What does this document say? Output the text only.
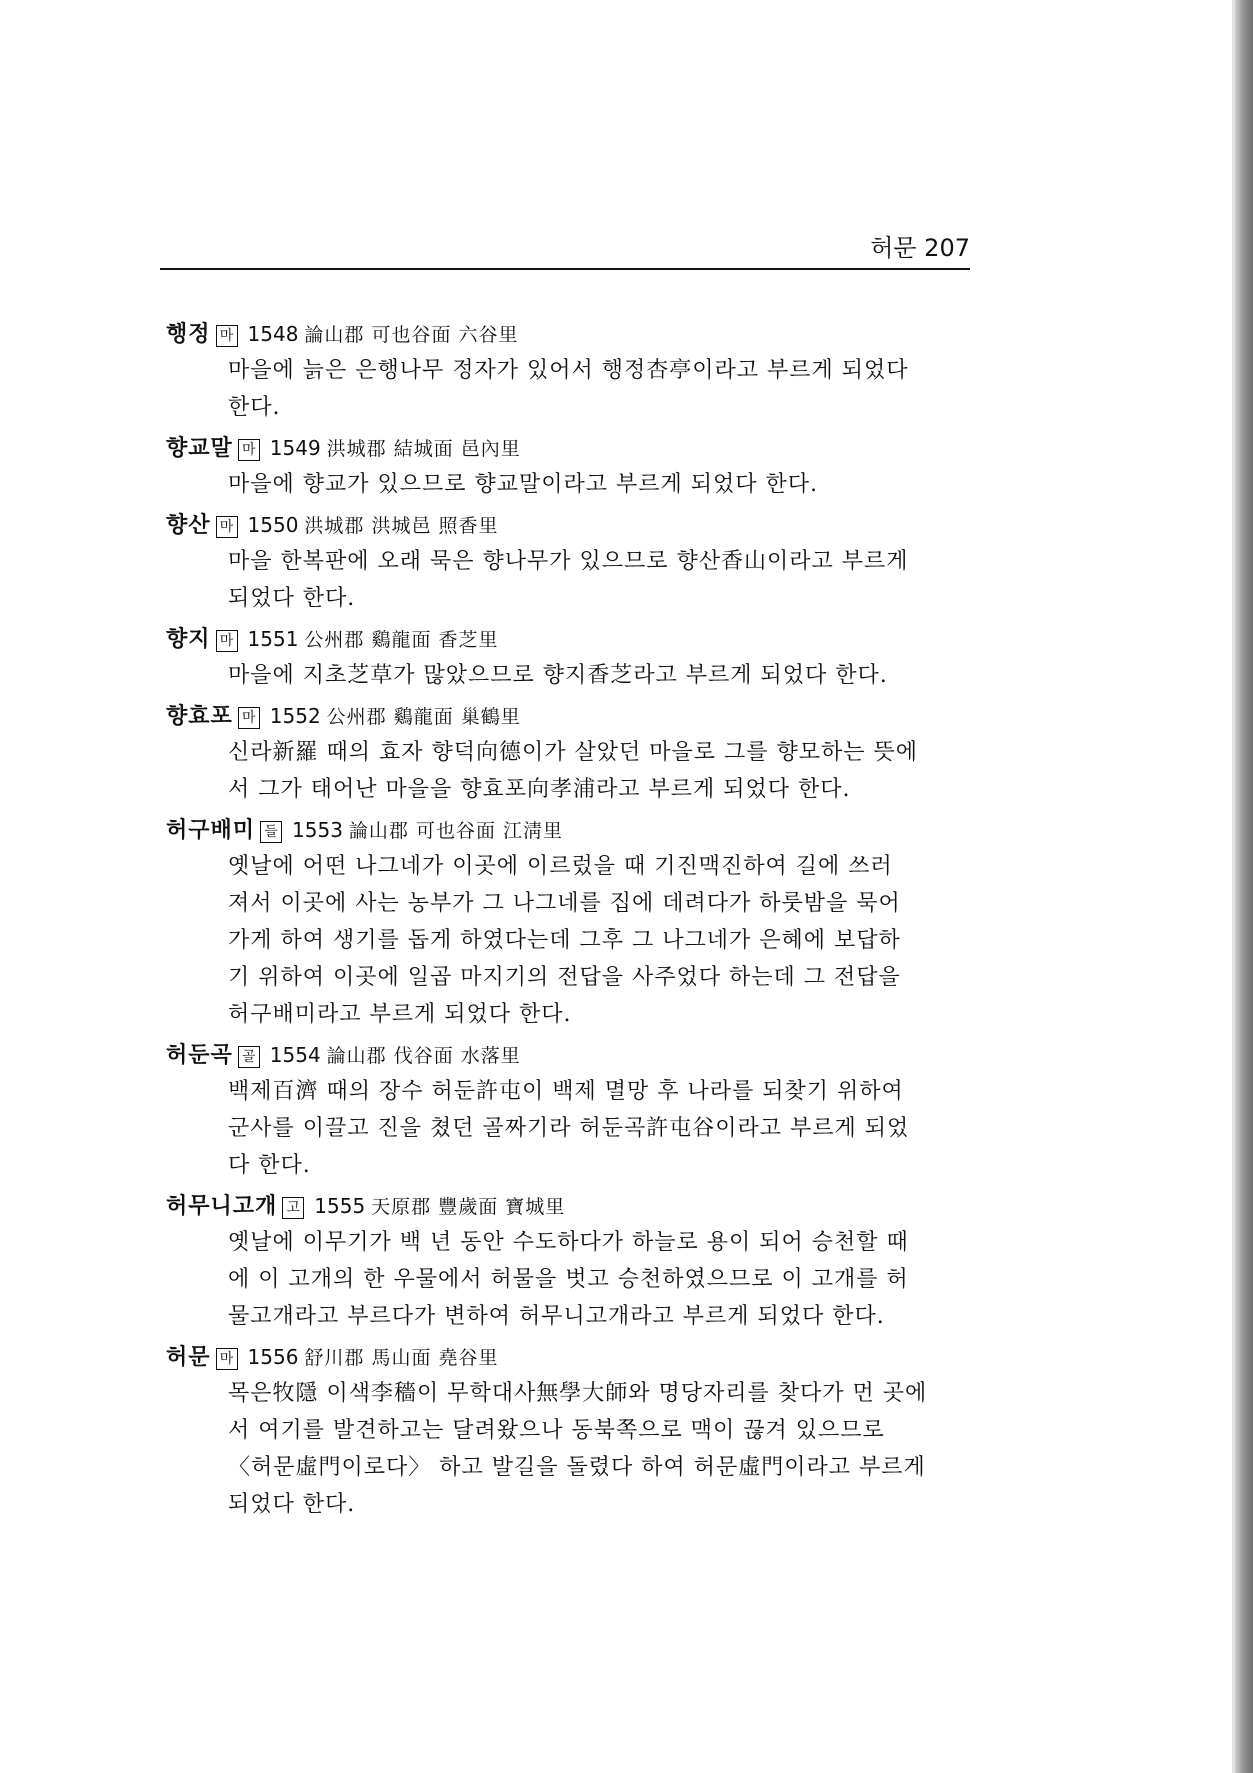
허문 207
행정 마 1548 論山郡 可也谷面 六谷里
마을에 늙은 은행나무 정자가 있어서 행정杏亭이라고 부르게 되었다
한다.
향교말 마 1549 洪城郡 結城面 邑內里
마을에 향교가 있으므로 향교말이라고 부르게 되었다 한다.
향산 마 1550 洪城郡 洪城邑 照香里
마을 한복판에 오래 묵은 향나무가 있으므로 향산香山이라고 부르게
되었다 한다.
향지 마 1551 公州郡 鷄龍面 香芝里
마을에 지초芝草가 많았으므로 향지香芝라고 부르게 되었다 한다.
향효포 마 1552 公州郡 鷄龍面 巢鶴里
신라新羅 때의 효자 향덕向德이가 살았던 마을로 그를 향모하는 뜻에
서 그가 태어난 마을을 향효포向孝浦라고 부르게 되었다 한다.
허구배미 들 1553 論山郡 可也谷面 江淸里
옛날에 어떤 나그네가 이곳에 이르렀을 때 기진맥진하여 길에 쓰러
져서 이곳에 사는 농부가 그 나그네를 집에 데려다가 하룻밤을 묵어
가게 하여 생기를 돕게 하였다는데 그후 그 나그네가 은혜에 보답하
기 위하여 이곳에 일곱 마지기의 전답을 사주었다 하는데 그 전답을
허구배미라고 부르게 되었다 한다.
허둔곡 골 1554 論山郡 伐谷面 水落里
백제百濟 때의 장수 허둔許屯이 백제 멸망 후 나라를 되찾기 위하여
군사를 이끌고 진을 쳤던 골짜기라 허둔곡許屯谷이라고 부르게 되었
다 한다.
허무니고개 고 1555 天原郡 豐歲面 寶城里
옛날에 이무기가 백 년 동안 수도하다가 하늘로 용이 되어 승천할 때
에 이 고개의 한 우물에서 허물을 벗고 승천하였으므로 이 고개를 허
물고개라고 부르다가 변하여 허무니고개라고 부르게 되었다 한다.
허문 마 1556 舒川郡 馬山面 堯谷里
목은牧隱 이색李穡이 무학대사無學大師와 명당자리를 찾다가 먼 곳에
서 여기를 발견하고는 달려왔으나 동북쪽으로 맥이 끊겨 있으므로
〈허문虛門이로다〉 하고 발길을 돌렸다 하여 허문虛門이라고 부르게
되었다 한다.
